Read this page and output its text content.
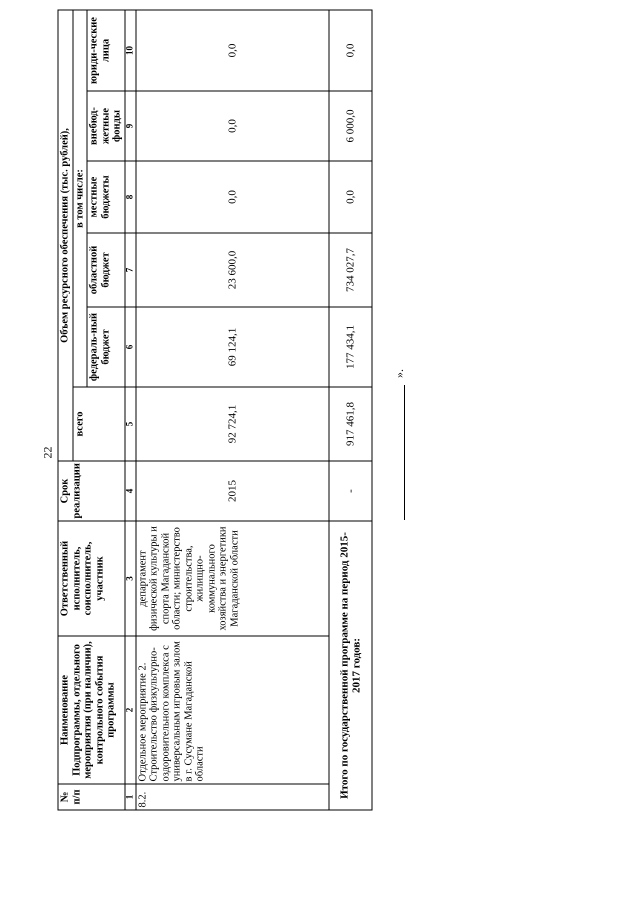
22
№ п/п	Наименование Подпрограммы, отдельного мероприятия (при наличии), контрольного события программы	Ответственный исполнитель, соисполнитель, участник	Срок реализации	Объем ресурсного обеспечения (тыс. рублей),					
				всего	в том числе:				
					федераль-ный бюджет	областной бюджет	местные бюджеты	внебюд-жетные фонды	юриди-ческие лица
1	2	3	4	5	6	7	8	9	10
8.2.	Отдельное мероприятие 2. Строительство физкультурно-оздоровительного комплекса с универсальным игровым залом в г. Сусумане Магаданской области	департамент физической культуры и спорта Магаданской области; министерство строительства, жилищно-коммунального хозяйства и энергетики Магаданской области	2015	92 724,1	69 124,1	23 600,0	0,0	0,0	0,0
Итого по государственной программе на период 2015-2017 годов:			-	917 461,8	177 434,1	734 027,7	0,0	6 000,0	0,0
».
